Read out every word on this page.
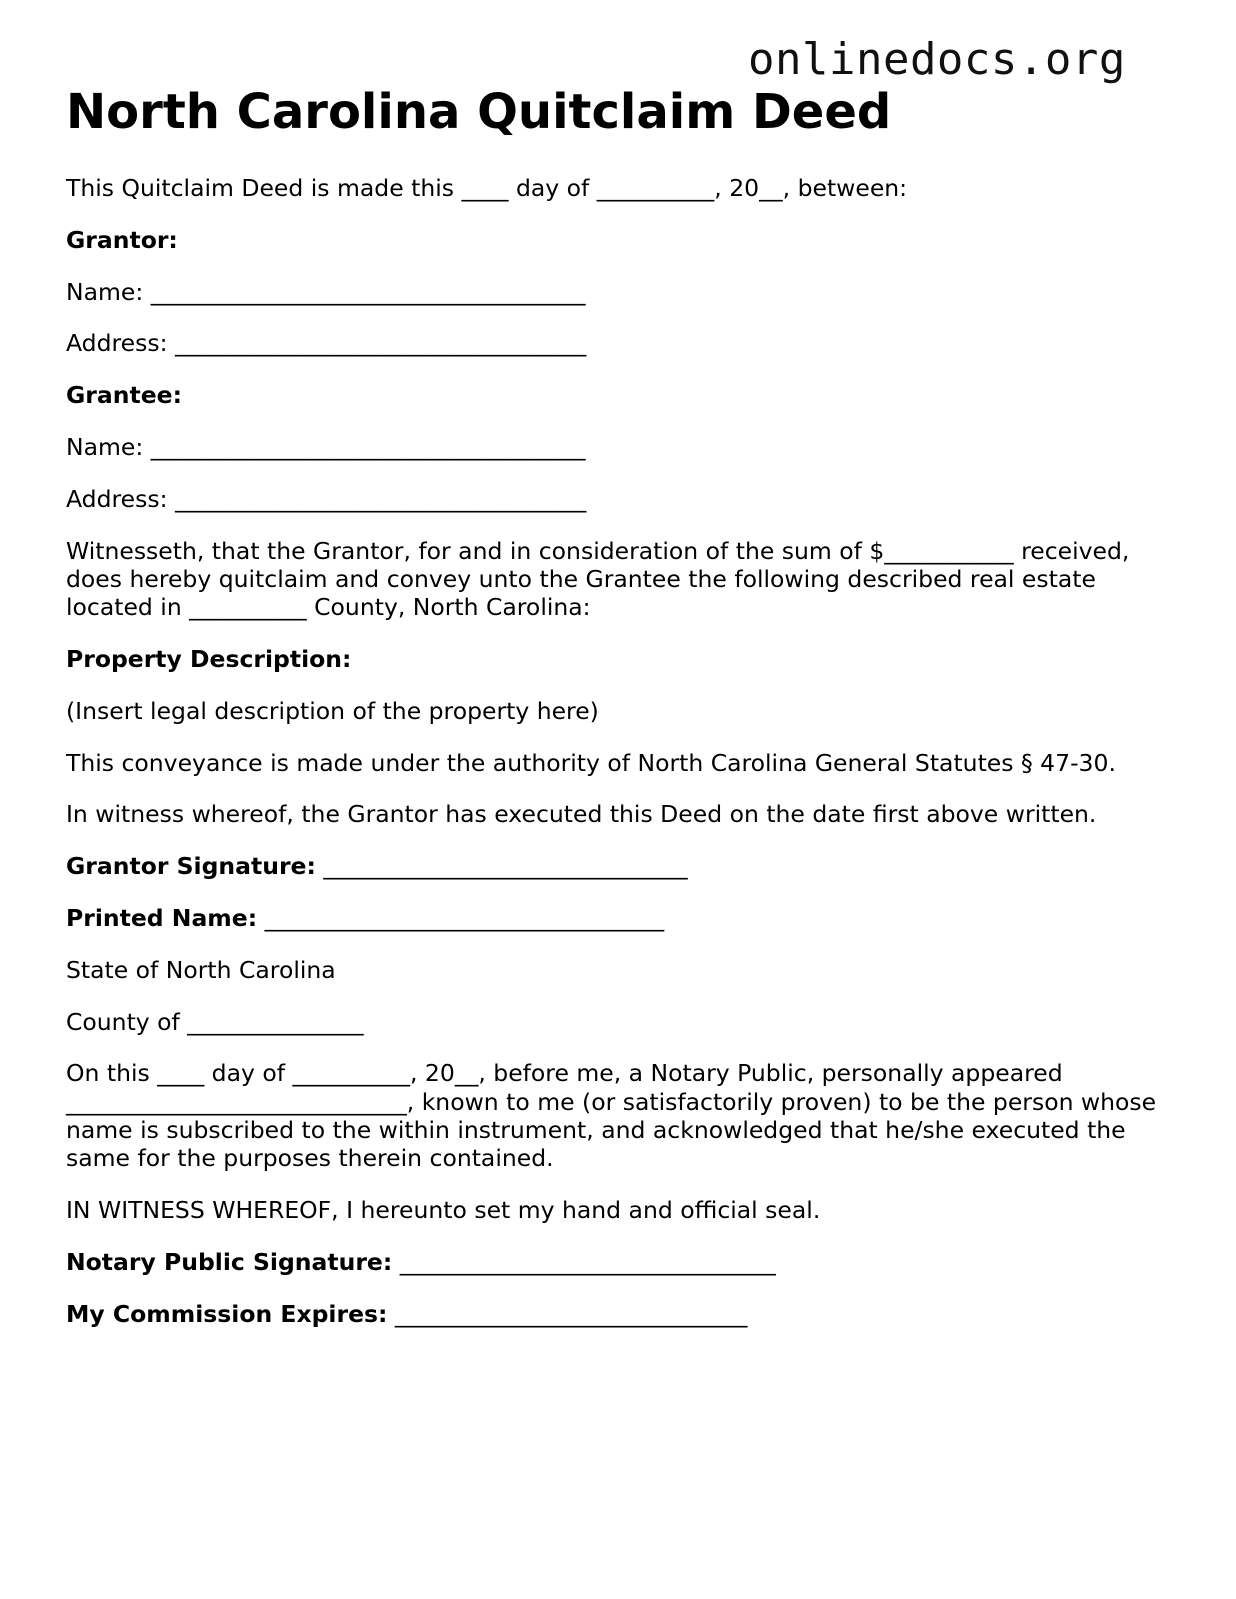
onlinedocs.org
North Carolina Quitclaim Deed

This Quitclaim Deed is made this ____ day of __________, 20__, between:

Grantor:

Name: _____________________________________

Address: ___________________________________

Grantee:

Name: _____________________________________

Address: ___________________________________

Witnesseth, that the Grantor, for and in consideration of the sum of $___________ received, does hereby quitclaim and convey unto the Grantee the following described real estate located in __________ County, North Carolina:

Property Description:

(Insert legal description of the property here)

This conveyance is made under the authority of North Carolina General Statutes § 47-30.

In witness whereof, the Grantor has executed this Deed on the date first above written.

Grantor Signature: _______________________________

Printed Name: __________________________________

State of North Carolina

County of _______________

On this ____ day of __________, 20__, before me, a Notary Public, personally appeared _____________________________, known to me (or satisfactorily proven) to be the person whose name is subscribed to the within instrument, and acknowledged that he/she executed the same for the purposes therein contained.

IN WITNESS WHEREOF, I hereunto set my hand and official seal.

Notary Public Signature: ________________________________

My Commission Expires: ______________________________
